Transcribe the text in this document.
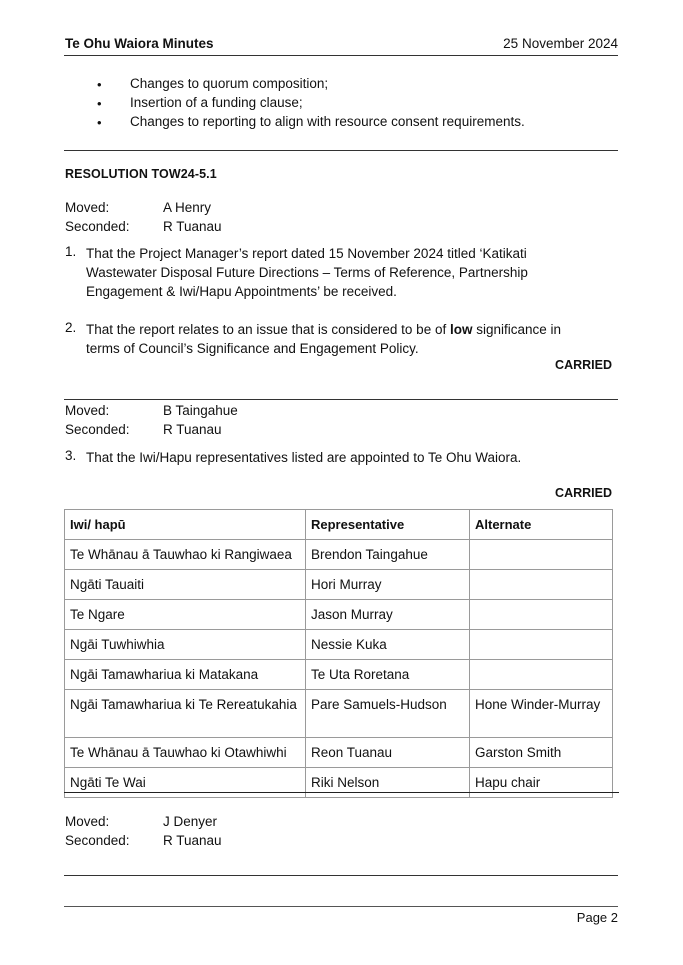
Te Ohu Waiora Minutes	25 November 2024
• Changes to quorum composition;
• Insertion of a funding clause;
• Changes to reporting to align with resource consent requirements.
RESOLUTION TOW24-5.1
Moved:	A Henry
Seconded: R Tuanau
1. That the Project Manager’s report dated 15 November 2024 titled ‘Katikati Wastewater Disposal Future Directions – Terms of Reference, Partnership Engagement & Iwi/Hapu Appointments’ be received.
2. That the report relates to an issue that is considered to be of low significance in terms of Council’s Significance and Engagement Policy.
CARRIED
Moved:	B Taingahue
Seconded: R Tuanau
3. That the Iwi/Hapu representatives listed are appointed to Te Ohu Waiora.
CARRIED
Iwi/ hapū	Representative	Alternate
Te Whānau ā Tauwhao ki Rangiwaea	Brendon Taingahue	
Ngāti Tauaiti	Hori Murray	
Te Ngare	Jason Murray	
Ngāi Tuwhiwhia	Nessie Kuka	
Ngāi Tamawhariua ki Matakana	Te Uta Roretana	
Ngāi Tamawhariua ki Te Rereatukahia	Pare Samuels-Hudson	Hone Winder-Murray
Te Whānau ā Tauwhao ki Otawhiwhi	Reon Tuanau	Garston Smith
Ngāti Te Wai	Riki Nelson	Hapu chair
Moved:	J Denyer
Seconded: R Tuanau
Page 2
